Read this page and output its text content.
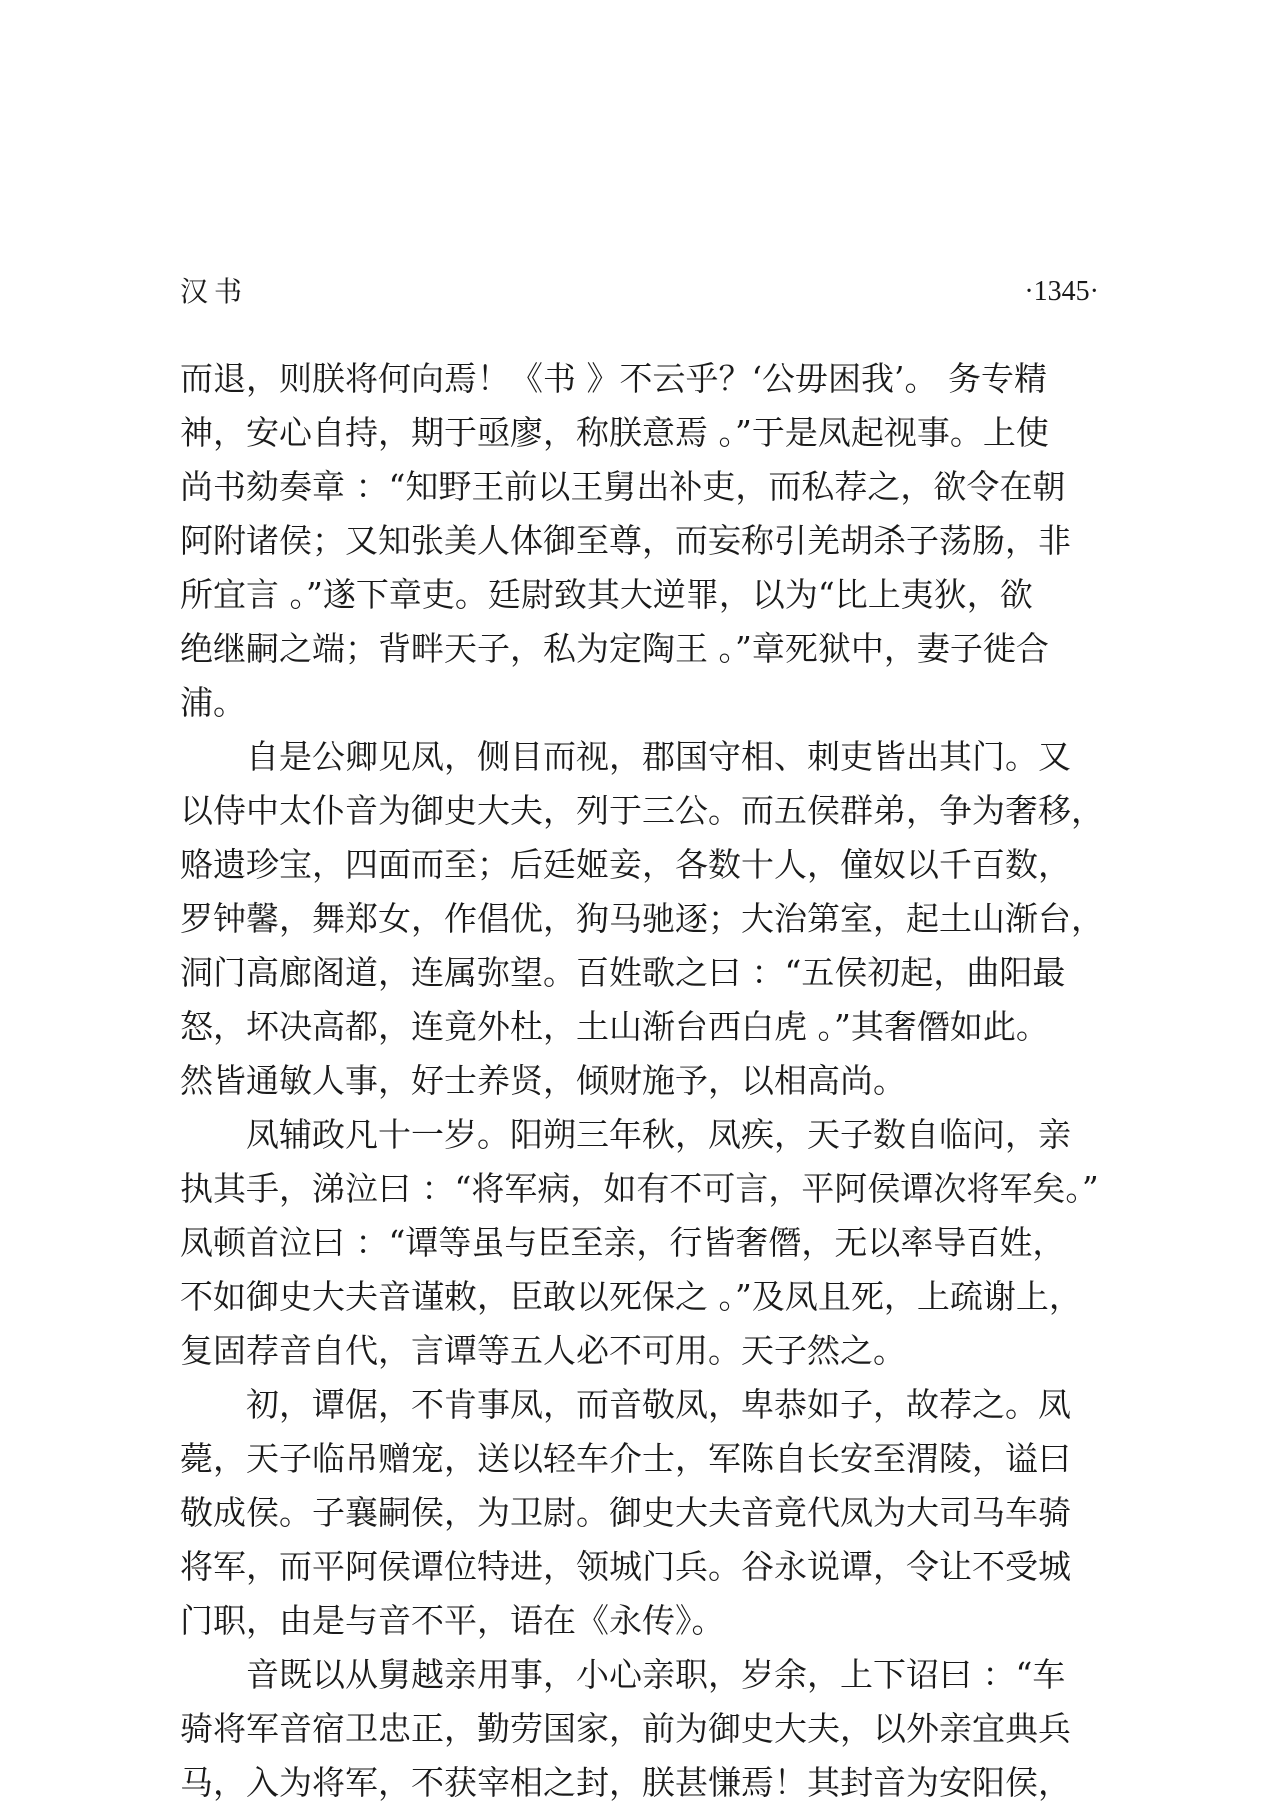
汉书	·1345·
而退，则朕将何向焉！《书 》不云乎？‘公毋困我’。 务专精
神，安心自持，期于亟廖，称朕意焉 。”于是凤起视事。上使
尚书劾奏章 ：“知野王前以王舅出补吏，而私荐之，欲令在朝
阿附诸侯；又知张美人体御至尊，而妄称引羌胡杀子荡肠，非
所宜言 。”遂下章吏。廷尉致其大逆罪，以为“比上夷狄，欲
绝继嗣之端；背畔天子，私为定陶王 。”章死狱中，妻子徙合
浦。
自是公卿见凤，侧目而视，郡国守相、刺吏皆出其门。又
以侍中太仆音为御史大夫，列于三公。而五侯群弟，争为奢移，
赂遗珍宝，四面而至；后廷姬妾，各数十人，僮奴以千百数，
罗钟馨，舞郑女，作倡优，狗马驰逐；大治第室，起土山渐台，
洞门高廊阁道，连属弥望。百姓歌之曰 ：“五侯初起，曲阳最
怒，坏决高都，连竟外杜，土山渐台西白虎 。”其奢僭如此。
然皆通敏人事，好士养贤，倾财施予，以相高尚。
凤辅政凡十一岁。阳朔三年秋，凤疾，天子数自临问，亲
执其手，涕泣曰 ：“将军病，如有不可言，平阿侯谭次将军矣。”
凤顿首泣曰 ：“谭等虽与臣至亲，行皆奢僭，无以率导百姓，
不如御史大夫音谨敕，臣敢以死保之 。”及凤且死，上疏谢上，
复固荐音自代，言谭等五人必不可用。天子然之。
初，谭倨，不肯事凤，而音敬凤，卑恭如子，故荐之。凤
薨，天子临吊赠宠，送以轻车介士，军陈自长安至渭陵，谥曰
敬成侯。子襄嗣侯，为卫尉。御史大夫音竟代凤为大司马车骑
将军，而平阿侯谭位特进，领城门兵。谷永说谭，令让不受城
门职，由是与音不平，语在《永传》。
音既以从舅越亲用事，小心亲职，岁余，上下诏曰 ：“车
骑将军音宿卫忠正，勤劳国家，前为御史大夫，以外亲宜典兵
马，入为将军，不获宰相之封，朕甚慊焉！其封音为安阳侯，
